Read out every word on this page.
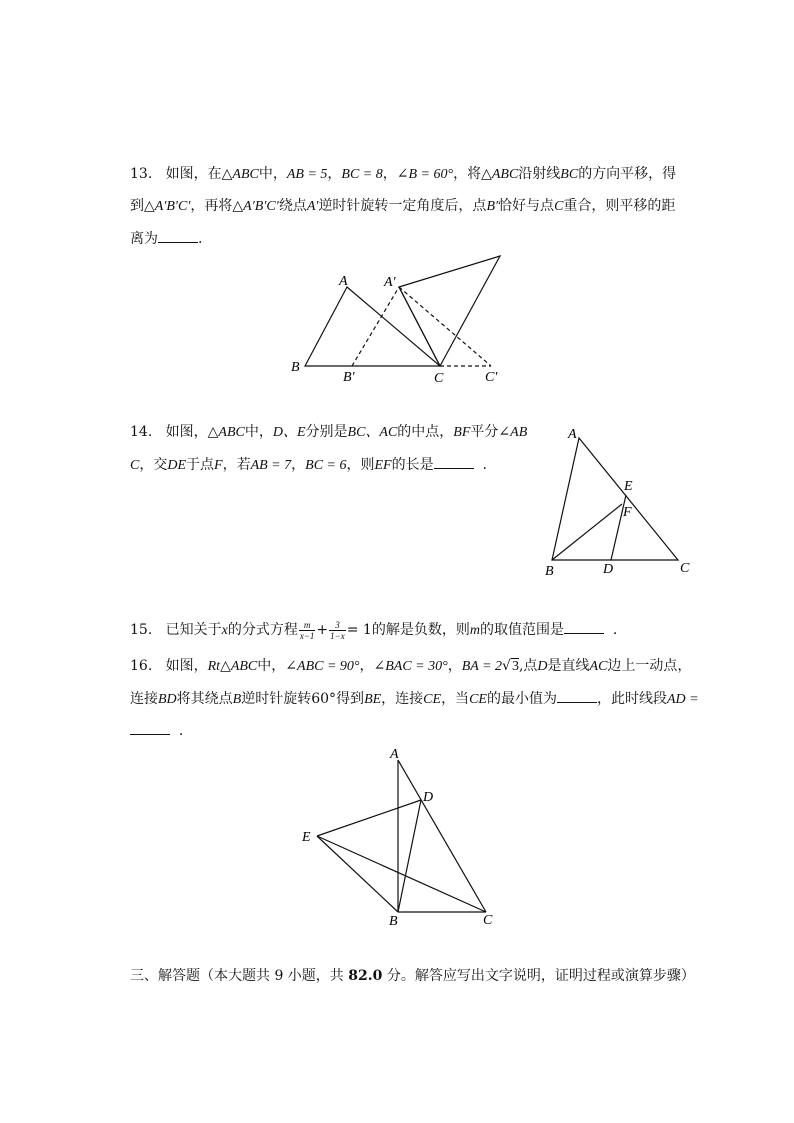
13. 如图，在△ABC中，AB = 5，BC = 8，∠B = 60°，将△ABC沿射线BC的方向平移，得
到△A′B′C′，再将△A′B′C′绕点A′逆时针旋转一定角度后，点B′恰好与点C重合，则平移的距
离为	.
A	A′
B
B′	C	C′
14. 如图，△ABC中，D、E分别是BC、AC的中点，BF平分∠AB
C，交DE于点F，若AB = 7，BC = 6，则EF的长是	.
A
E
F
B	D	C
15. 已知关于x的分式方程 $\frac{m}{x-1} + \frac{3}{1-x} = 1$的解是负数，则m的取值范围是	.
16. 如图，Rt△ABC中，∠ABC = 90°，∠BAC = 30°，BA = 2√3,点D是直线AC边上一动点，
连接BD将其绕点B逆时针旋转60°得到BE，连接CE，当CE的最小值为	，此时线段AD =
.
A
D
E
B	C
三、解答题（本大题共 9 小题，共 82.0 分。解答应写出文字说明，证明过程或演算步骤）
